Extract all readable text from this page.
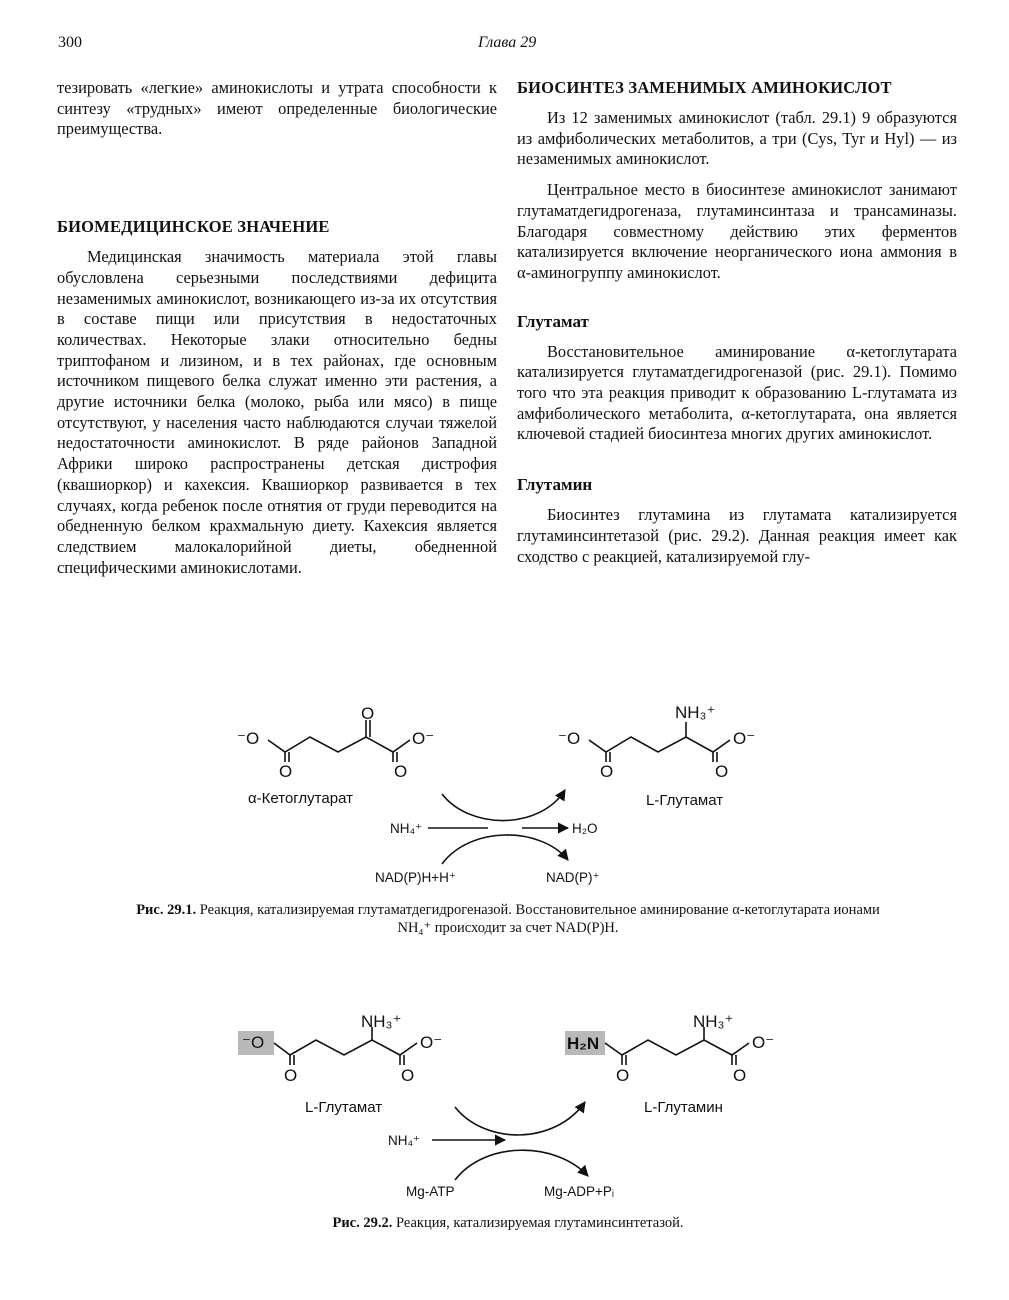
300	Глава 29

тезировать «легкие» аминокислоты и утрата способности к синтезу «трудных» имеют определенные биологические преимущества.

БИОМЕДИЦИНСКОЕ ЗНАЧЕНИЕ

Медицинская значимость материала этой главы обусловлена серьезными последствиями дефицита незаменимых аминокислот, возникающего из-за их отсутствия в составе пищи или присутствия в недостаточных количествах. Некоторые злаки относительно бедны триптофаном и лизином, и в тех районах, где основным источником пищевого белка служат именно эти растения, а другие источники белка (молоко, рыба или мясо) в пище отсутствуют, у населения часто наблюдаются случаи тяжелой недостаточности аминокислот. В ряде районов Западной Африки широко распространены детская дистрофия (квашиоркор) и кахексия. Квашиоркор развивается в тех случаях, когда ребенок после отнятия от груди переводится на обедненную белком крахмальную диету. Кахексия является следствием малокалорийной диеты, обедненной специфическими аминокислотами.

БИОСИНТЕЗ ЗАМЕНИМЫХ АМИНОКИСЛОТ

Из 12 заменимых аминокислот (табл. 29.1) 9 образуются из амфиболических метаболитов, а три (Cys, Tyr и Hyl) — из незаменимых аминокислот.

Центральное место в биосинтезе аминокислот занимают глутаматдегидрогеназа, глутаминсинтаза и трансаминазы. Благодаря совместному действию этих ферментов катализируется включение неорганического иона аммония в α-аминогруппу аминокислот.

Глутамат

Восстановительное аминирование α-кетоглутарата катализируется глутаматдегидрогеназой (рис. 29.1). Помимо того что эта реакция приводит к образованию L-глутамата из амфиболического метаболита, α-кетоглутарата, она является ключевой стадией биосинтеза многих других аминокислот.

Глутамин

Биосинтез глутамина из глутамата катализируется глутаминсинтетазой (рис. 29.2). Данная реакция имеет как сходство с реакцией, катализируемой глу-

⁻O
O
O
O
O⁻
α-Кетоглутарат
⁻O
O
NH₃⁺
O
O⁻
L-Глутамат
NH₄⁺	H₂O
NAD(P)H+H⁺	NAD(P)⁺
Рис. 29.1. Реакция, катализируемая глутаматдегидрогеназой. Восстановительное аминирование α-кетоглутарата ионами
NH₄⁺ происходит за счет NAD(P)H.
⁻O
O
NH₃⁺
O
O⁻
L-Глутамат
H₂N
O
NH₃⁺
O
O⁻
L-Глутамин
NH₄⁺
Mg-ATP	Mg-ADP+Pᵢ
Рис. 29.2. Реакция, катализируемая глутаминсинтетазой.
